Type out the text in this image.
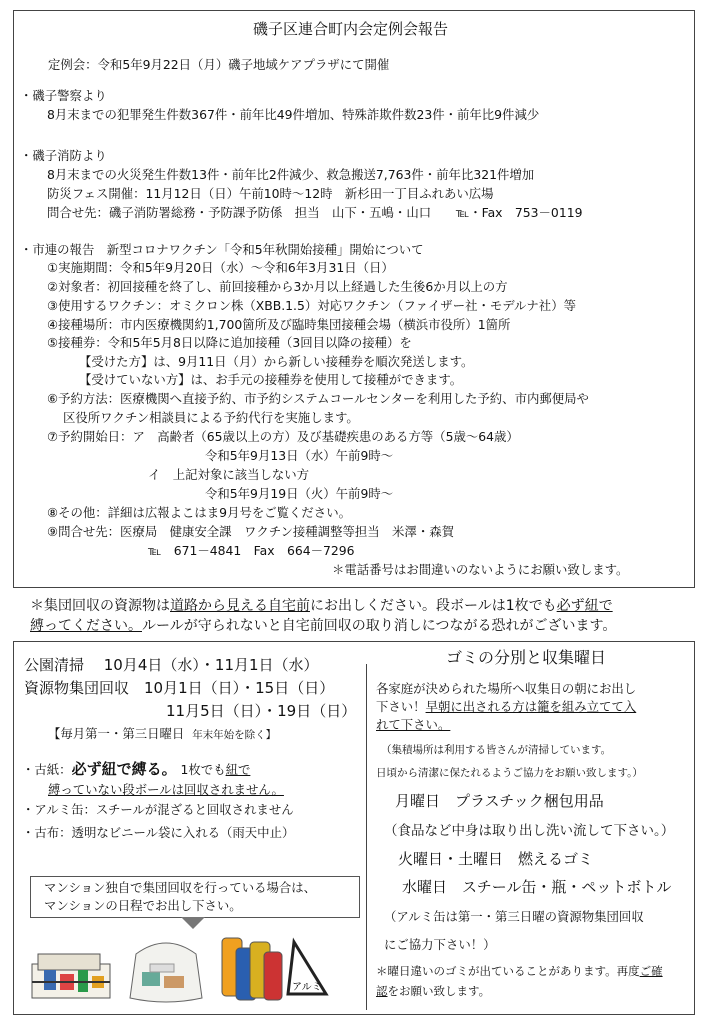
磯子区連合町内会定例会報告
定例会：令和5年9月22日（月）磯子地域ケアプラザにて開催
・磯子警察より
8月末までの犯罪発生件数367件・前年比49件増加、特殊詐欺件数23件・前年比9件減少
・磯子消防より
8月末までの火災発生件数13件・前年比2件減少、救急搬送7,763件・前年比321件増加
防災フェス開催：11月12日（日）午前10時～12時　新杉田一丁目ふれあい広場
問合せ先：磯子消防署総務・予防課予防係　担当　山下・五嶋・山口　　℡・Fax　753－0119
・市連の報告　新型コロナワクチン「令和5年秋開始接種」開始について
①実施期間：令和5年9月20日（水）～令和6年3月31日（日）
②対象者：初回接種を終了し、前回接種から3か月以上経過した生後6か月以上の方
③使用するワクチン：オミクロン株（XBB.1.5）対応ワクチン（ファイザー社・モデルナ社）等
④接種場所：市内医療機関約1,700箇所及び臨時集団接種会場（横浜市役所）1箇所
⑤接種券：令和5年5月8日以降に追加接種（3回目以降の接種）を
【受けた方】は、9月11日（月）から新しい接種券を順次発送します。
【受けていない方】は、お手元の接種券を使用して接種ができます。
⑥予約方法：医療機関へ直接予約、市予約システムコールセンターを利用した予約、市内郵便局や
区役所ワクチン相談員による予約代行を実施します。
⑦予約開始日：ア　高齢者（65歳以上の方）及び基礎疾患のある方等（5歳～64歳）
令和5年9月13日（水）午前9時～
イ　上記対象に該当しない方
令和5年9月19日（火）午前9時～
⑧その他：詳細は広報よこはま9月号をご覧ください。
⑨問合せ先：医療局　健康安全課　ワクチン接種調整等担当　米澤・森賀
℡　671－4841　Fax　664－7296
＊電話番号はお間違いのないようにお願い致します。
＊集団回収の資源物は道路から見える自宅前にお出しください。段ボールは1枚でも必ず紐で
縛ってください。ルールが守られないと自宅前回収の取り消しにつながる恐れがございます。
公園清掃　 10月4日（水）・11月1日（水）
資源物集団回収　10月1日（日）・15日（日）
11月5日（日）・19日（日）
【毎月第一・第三日曜日 年末年始を除く】
・古紙：必ず紐で縛る。 1枚でも紐で
縛っていない段ボールは回収されません。
・アルミ缶：スチールが混ざると回収されません
・古布：透明なビニール袋に入れる（雨天中止）
マンション独自で集団回収を行っている場合は、
マンションの日程でお出し下さい。
アルミ
ゴミの分別と収集曜日
各家庭が決められた場所へ収集日の朝にお出し
下さい！早朝に出される方は籠を組み立てて入
れて下さい。
（集積場所は利用する皆さんが清掃しています。
日頃から清潔に保たれるようご協力をお願い致します。）
月曜日　プラスチック梱包用品
（食品など中身は取り出し洗い流して下さい。）
火曜日・土曜日　燃えるゴミ
水曜日　スチール缶・瓶・ペットボトル
（アルミ缶は第一・第三日曜の資源物集団回収
にご協力下さい！）
＊曜日違いのゴミが出ていることがあります。再度ご確
認をお願い致します。
